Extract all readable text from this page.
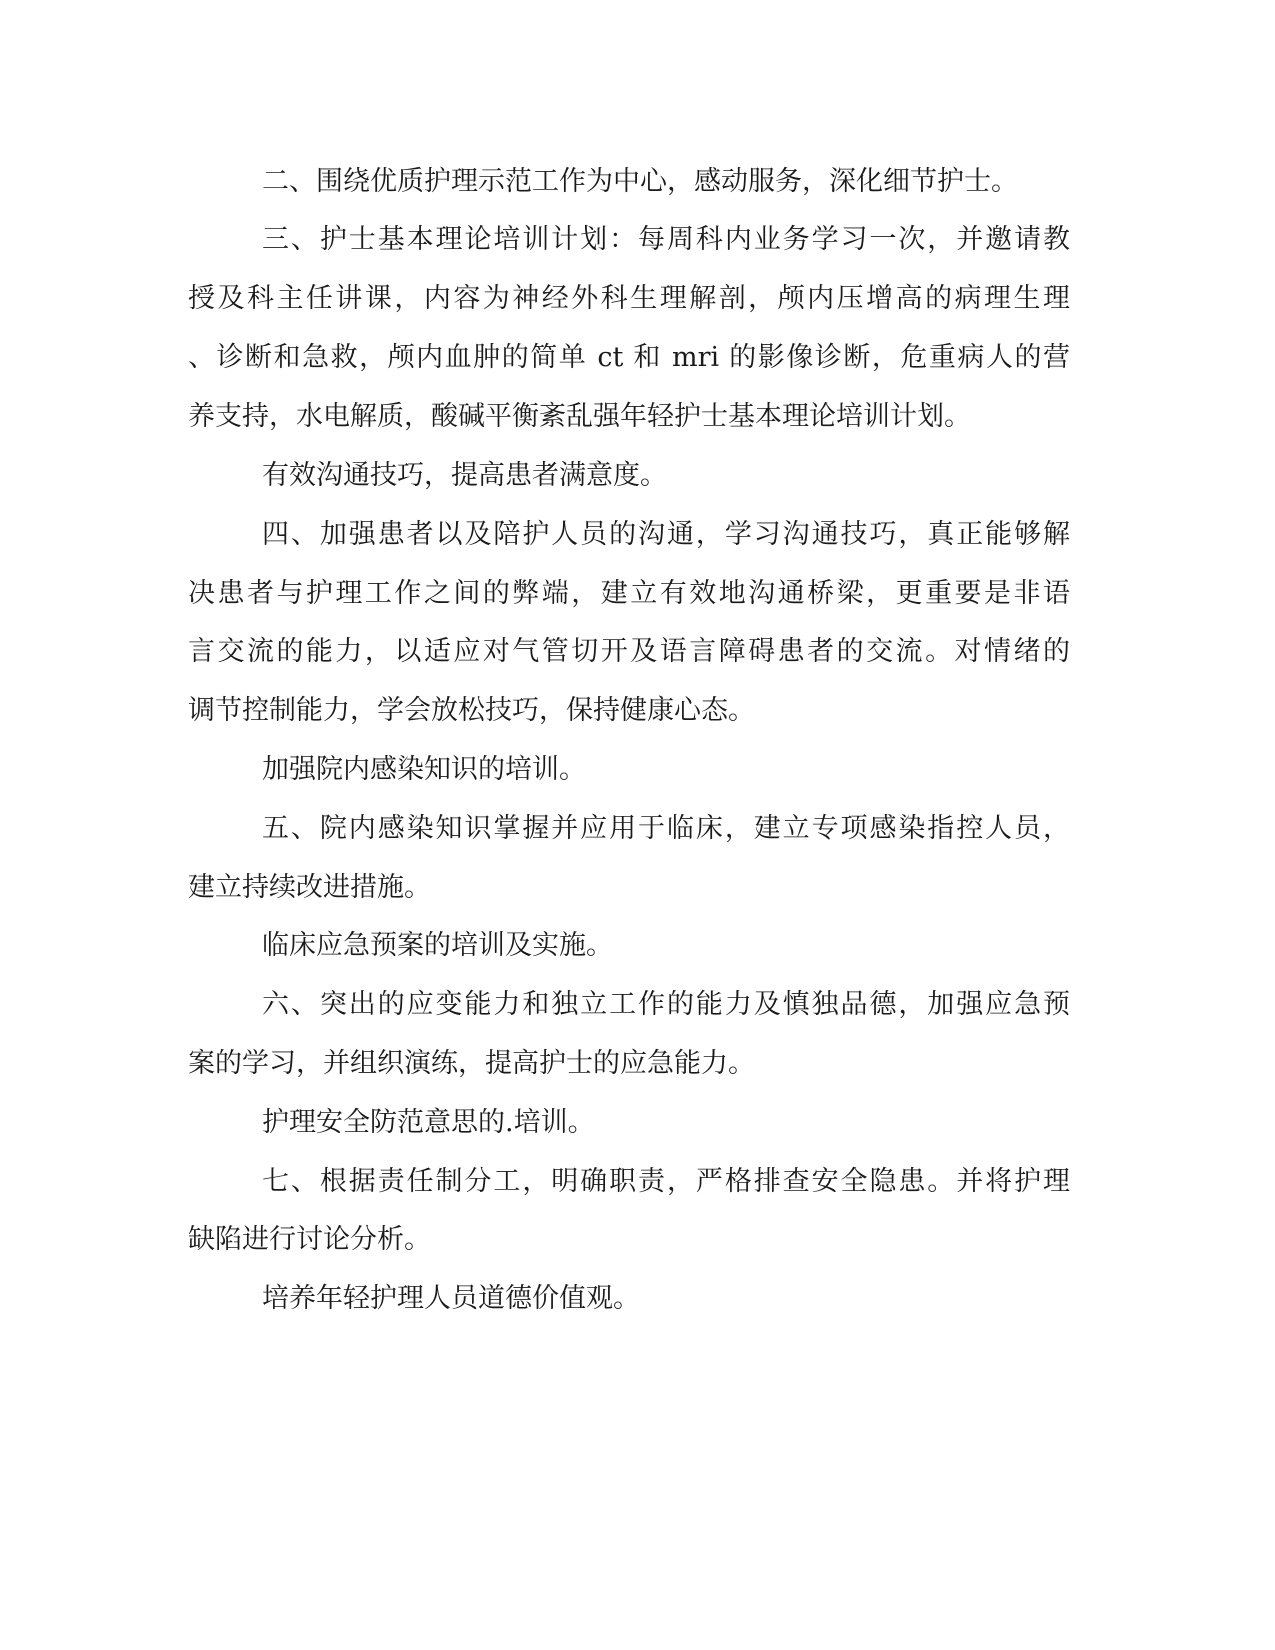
二、围绕优质护理示范工作为中心，感动服务，深化细节护士。

三、护士基本理论培训计划：每周科内业务学习一次，并邀请教

授及科主任讲课，内容为神经外科生理解剖，颅内压增高的病理生理

、诊断和急救，颅内血肿的简单 ct 和 mri 的影像诊断，危重病人的营

养支持，水电解质，酸碱平衡紊乱强年轻护士基本理论培训计划。

有效沟通技巧，提高患者满意度。

四、加强患者以及陪护人员的沟通，学习沟通技巧，真正能够解

决患者与护理工作之间的弊端，建立有效地沟通桥梁，更重要是非语

言交流的能力，以适应对气管切开及语言障碍患者的交流。对情绪的

调节控制能力，学会放松技巧，保持健康心态。

加强院内感染知识的培训。

五、院内感染知识掌握并应用于临床，建立专项感染指控人员，

建立持续改进措施。

临床应急预案的培训及实施。

六、突出的应变能力和独立工作的能力及慎独品德，加强应急预

案的学习，并组织演练，提高护士的应急能力。

护理安全防范意思的.培训。

七、根据责任制分工，明确职责，严格排查安全隐患。并将护理

缺陷进行讨论分析。

培养年轻护理人员道德价值观。
